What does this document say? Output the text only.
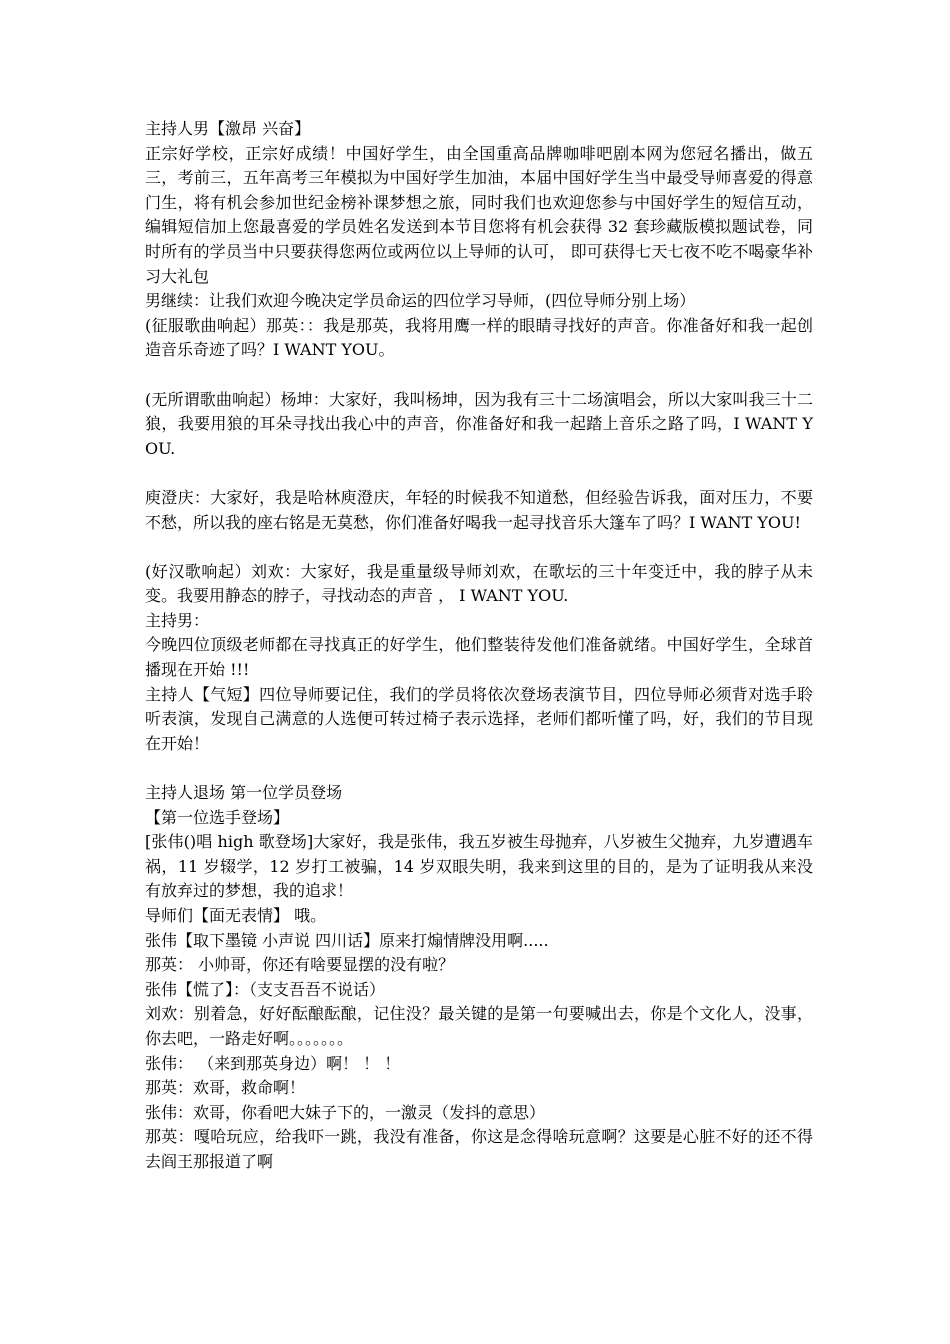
主持人男【激昂 兴奋】

正宗好学校，正宗好成绩！中国好学生，由全国重高品牌咖啡吧剧本网为您冠名播出，做五三，考前三，五年高考三年模拟为中国好学生加油，本届中国好学生当中最受导师喜爱的得意门生，将有机会参加世纪金榜补课梦想之旅，同时我们也欢迎您参与中国好学生的短信互动，编辑短信加上您最喜爱的学员姓名发送到本节目您将有机会获得 32 套珍藏版模拟题试卷，同时所有的学员当中只要获得您两位或两位以上导师的认可， 即可获得七天七夜不吃不喝豪华补习大礼包

男继续：让我们欢迎今晚决定学员命运的四位学习导师，(四位导师分别上场）

(征服歌曲响起）那英：：我是那英，我将用鹰一样的眼睛寻找好的声音。你准备好和我一起创造音乐奇迹了吗？I WANT YOU。

(无所谓歌曲响起）杨坤：大家好，我叫杨坤，因为我有三十二场演唱会，所以大家叫我三十二狼，我要用狼的耳朵寻找出我心中的声音，你准备好和我一起踏上音乐之路了吗，I WANT YOU.

庾澄庆：大家好，我是哈林庾澄庆，年轻的时候我不知道愁，但经验告诉我，面对压力，不要不愁，所以我的座右铭是无莫愁，你们准备好喝我一起寻找音乐大篷车了吗？I WANT YOU!

(好汉歌响起）刘欢：大家好，我是重量级导师刘欢，在歌坛的三十年变迁中，我的脖子从未变。我要用静态的脖子，寻找动态的声音 ， I WANT YOU.

主持男：

今晚四位顶级老师都在寻找真正的好学生，他们整装待发他们准备就绪。中国好学生，全球首播现在开始 !!!

主持人【气短】四位导师要记住，我们的学员将依次登场表演节目，四位导师必须背对选手聆听表演，发现自己满意的人选便可转过椅子表示选择，老师们都听懂了吗，好，我们的节目现在开始！

主持人退场 第一位学员登场

【第一位选手登场】

[张伟()唱 high 歌登场]大家好，我是张伟，我五岁被生母抛弃，八岁被生父抛弃，九岁遭遇车祸，11 岁辍学，12 岁打工被骗，14 岁双眼失明，我来到这里的目的，是为了证明我从来没有放弃过的梦想，我的追求！

导师们【面无表情】 哦。

张伟【取下墨镜 小声说 四川话】原来打煽情牌没用啊.....

那英： 小帅哥，你还有啥要显摆的没有啦？

张伟【慌了】：（支支吾吾不说话）

刘欢：别着急，好好酝酿酝酿，记住没？最关键的是第一句要喊出去，你是个文化人，没事，你去吧，一路走好啊。。。。。。。

张伟： （来到那英身边）啊！ ！ ！

那英：欢哥，救命啊！

张伟：欢哥，你看吧大妹子下的，一激灵（发抖的意思）

那英：嘎哈玩应，给我吓一跳，我没有准备，你这是念得啥玩意啊？这要是心脏不好的还不得去阎王那报道了啊
